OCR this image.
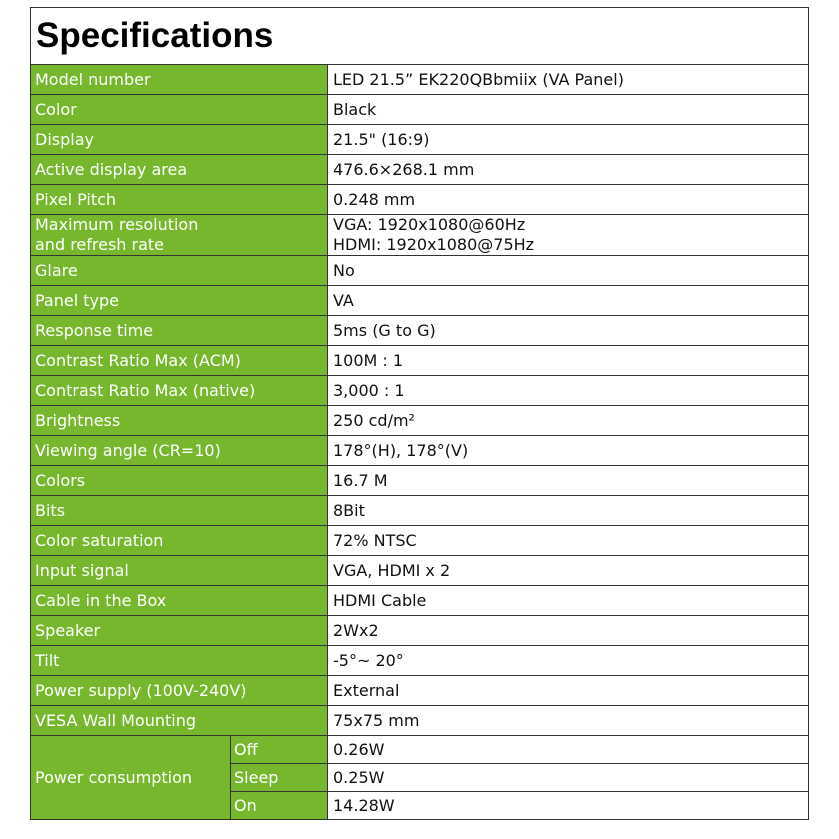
Specifications		
Model number		LED 21.5” EK220QBbmiix (VA Panel)
Color		Black
Display		21.5" (16:9)
Active display area		476.6×268.1 mm
Pixel Pitch		0.248 mm
Maximum resolution
and refresh rate		VGA: 1920x1080@60Hz
HDMI: 1920x1080@75Hz
Glare		No
Panel type		VA
Response time		5ms (G to G)
Contrast Ratio Max (ACM)		100M : 1
Contrast Ratio Max (native)		3,000 : 1
Brightness		250 cd/m²
Viewing angle (CR=10)		178°(H), 178°(V)
Colors		16.7 M
Bits		8Bit
Color saturation		72% NTSC
Input signal		VGA, HDMI x 2
Cable in the Box		HDMI Cable
Speaker		2Wx2
Tilt		-5°~ 20°
Power supply (100V-240V)		External
VESA Wall Mounting		75x75 mm
Power consumption	Off	0.26W
	Sleep	0.25W
	On	14.28W
